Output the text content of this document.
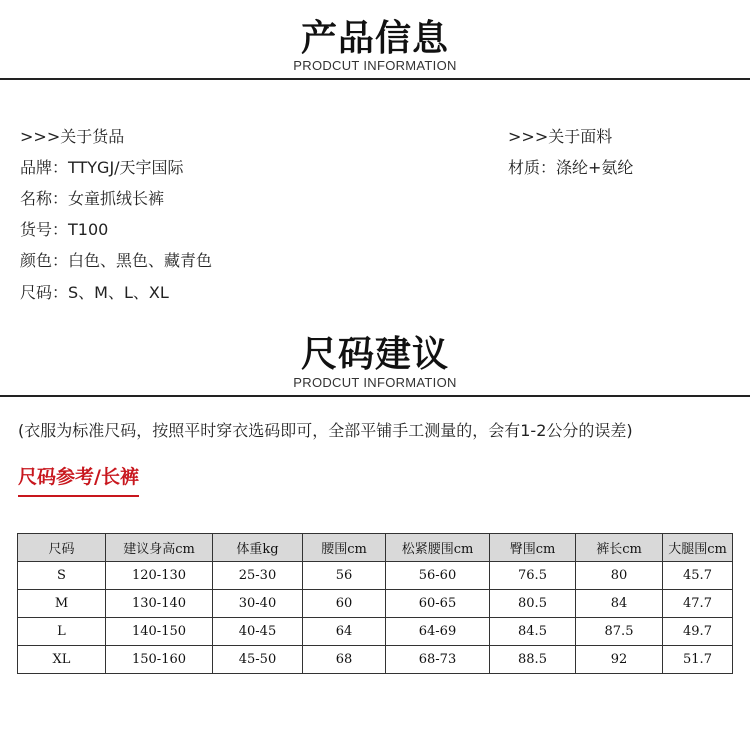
产品信息
PRODCUT INFORMATION
>>>关于货品
品牌：TTYGJ/天宇国际
名称：女童抓绒长裤
货号：T100
颜色：白色、黑色、藏青色
尺码：S、M、L、XL
>>>关于面料
材质：涤纶+氨纶
尺码建议
PRODCUT INFORMATION
(衣服为标准尺码，按照平时穿衣选码即可，全部平铺手工测量的，会有1-2公分的误差)
尺码参考/长裤
尺码	建议身高cm	体重kg	腰围cm	松紧腰围cm	臀围cm	裤长cm	大腿围cm
S	120-130	25-30	56	56-60	76.5	80	45.7
M	130-140	30-40	60	60-65	80.5	84	47.7
L	140-150	40-45	64	64-69	84.5	87.5	49.7
XL	150-160	45-50	68	68-73	88.5	92	51.7
